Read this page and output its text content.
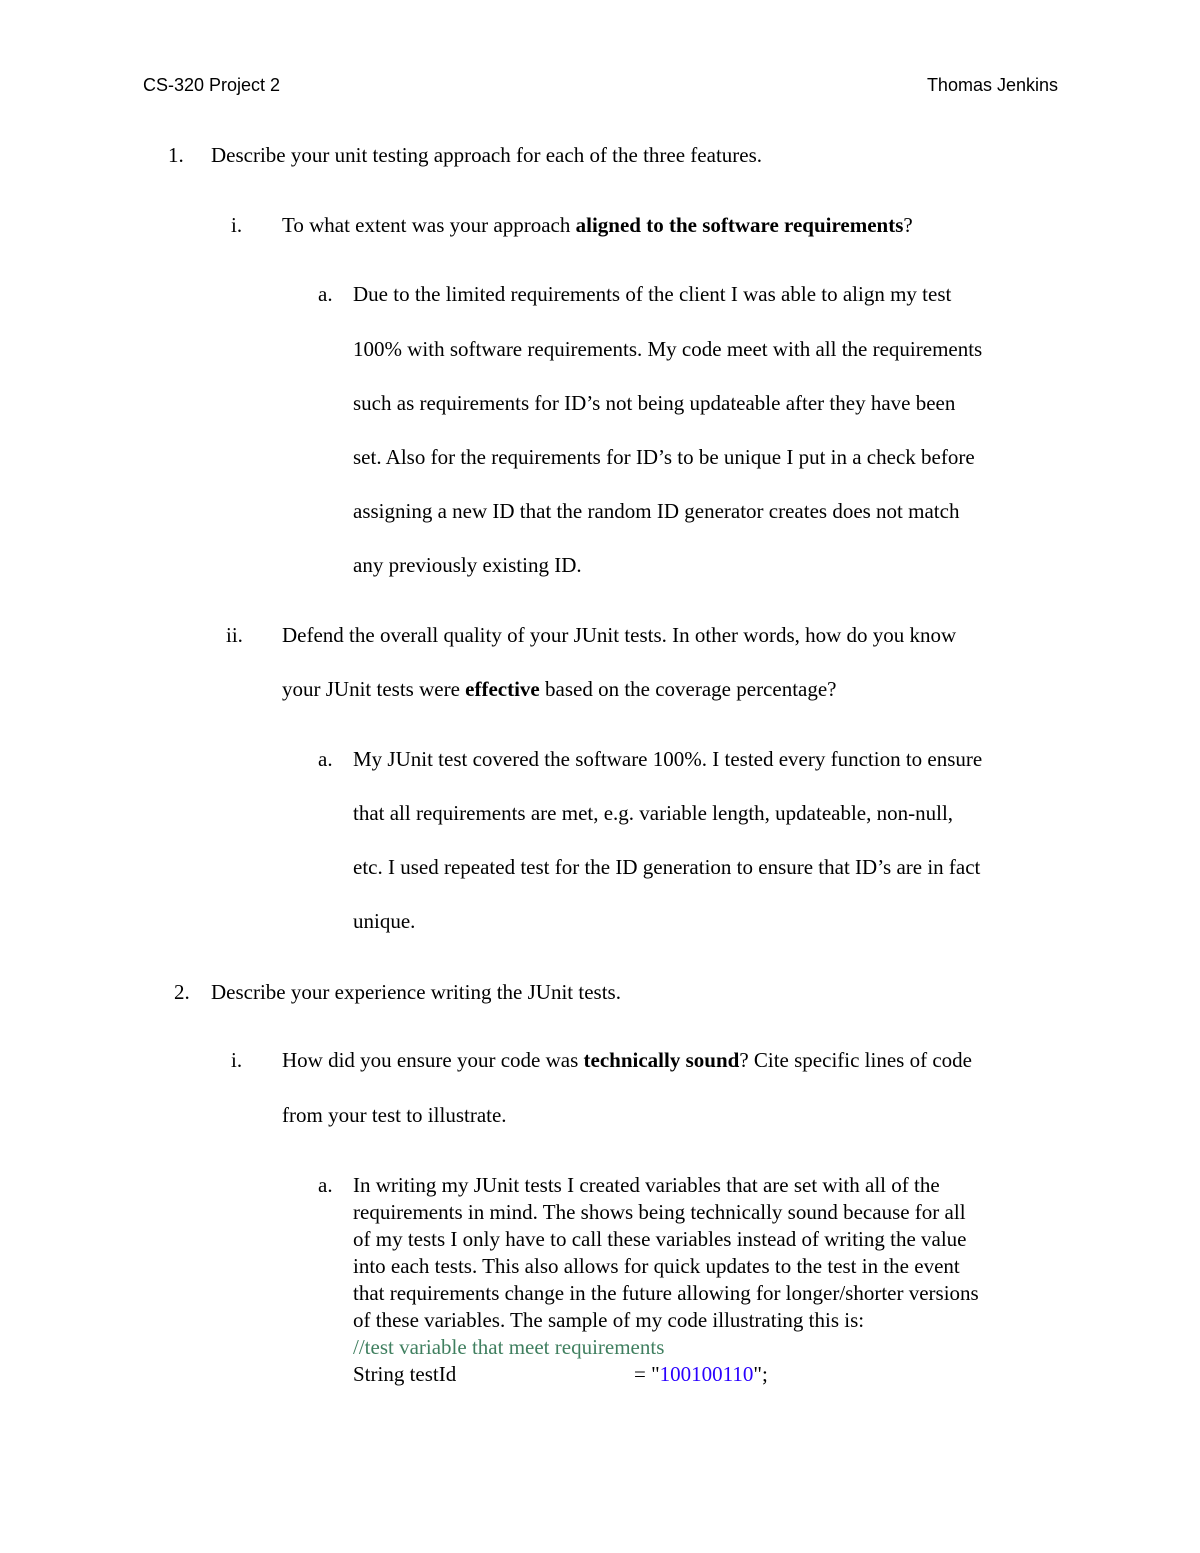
CS-320 Project 2	Thomas Jenkins
1. Describe your unit testing approach for each of the three features.
i. To what extent was your approach aligned to the software requirements?
a. Due to the limited requirements of the client I was able to align my test
100% with software requirements. My code meet with all the requirements
such as requirements for ID’s not being updateable after they have been
set. Also for the requirements for ID’s to be unique I put in a check before
assigning a new ID that the random ID generator creates does not match
any previously existing ID.
ii. Defend the overall quality of your JUnit tests. In other words, how do you know
your JUnit tests were effective based on the coverage percentage?
a. My JUnit test covered the software 100%. I tested every function to ensure
that all requirements are met, e.g. variable length, updateable, non-null,
etc. I used repeated test for the ID generation to ensure that ID’s are in fact
unique.
2. Describe your experience writing the JUnit tests.
i. How did you ensure your code was technically sound? Cite specific lines of code
from your test to illustrate.
a. In writing my JUnit tests I created variables that are set with all of the
requirements in mind. The shows being technically sound because for all
of my tests I only have to call these variables instead of writing the value
into each tests. This also allows for quick updates to the test in the event
that requirements change in the future allowing for longer/shorter versions
of these variables. The sample of my code illustrating this is:
//test variable that meet requirements
String testId	= "100100110";
